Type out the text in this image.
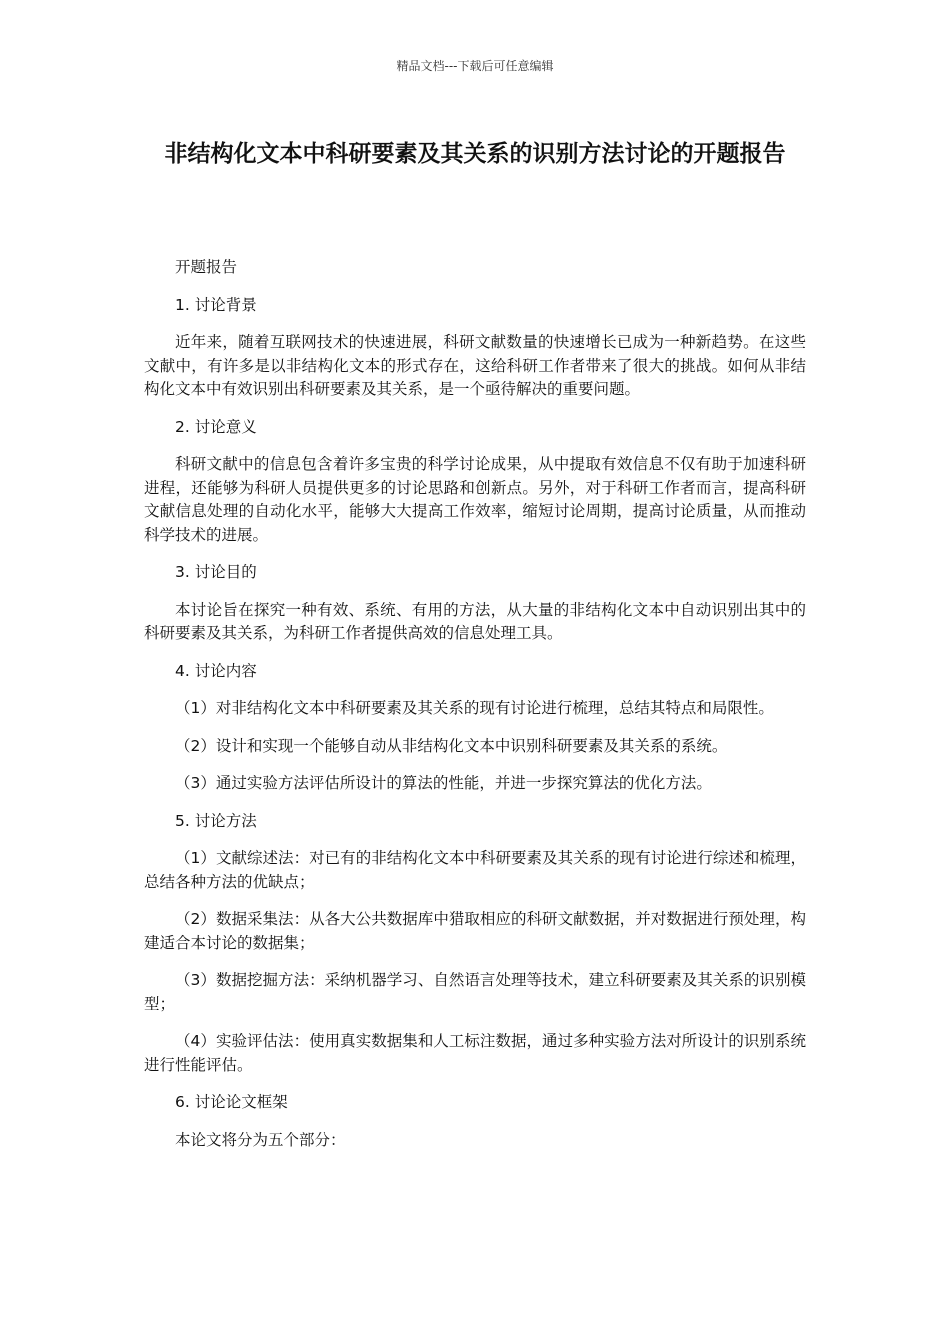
精品文档---下载后可任意编辑
非结构化文本中科研要素及其关系的识别方法讨论的开题报告

开题报告

1. 讨论背景

近年来，随着互联网技术的快速进展，科研文献数量的快速增长已成为一种新趋势。在这些文献中，有许多是以非结构化文本的形式存在，这给科研工作者带来了很大的挑战。如何从非结构化文本中有效识别出科研要素及其关系，是一个亟待解决的重要问题。

2. 讨论意义

科研文献中的信息包含着许多宝贵的科学讨论成果，从中提取有效信息不仅有助于加速科研进程，还能够为科研人员提供更多的讨论思路和创新点。另外，对于科研工作者而言，提高科研文献信息处理的自动化水平，能够大大提高工作效率，缩短讨论周期，提高讨论质量，从而推动科学技术的进展。

3. 讨论目的

本讨论旨在探究一种有效、系统、有用的方法，从大量的非结构化文本中自动识别出其中的科研要素及其关系，为科研工作者提供高效的信息处理工具。

4. 讨论内容

（1）对非结构化文本中科研要素及其关系的现有讨论进行梳理，总结其特点和局限性。

（2）设计和实现一个能够自动从非结构化文本中识别科研要素及其关系的系统。

（3）通过实验方法评估所设计的算法的性能，并进一步探究算法的优化方法。

5. 讨论方法

（1）文献综述法：对已有的非结构化文本中科研要素及其关系的现有讨论进行综述和梳理，总结各种方法的优缺点；

（2）数据采集法：从各大公共数据库中猎取相应的科研文献数据，并对数据进行预处理，构建适合本讨论的数据集；

（3）数据挖掘方法：采纳机器学习、自然语言处理等技术，建立科研要素及其关系的识别模型；

（4）实验评估法：使用真实数据集和人工标注数据，通过多种实验方法对所设计的识别系统进行性能评估。

6. 讨论论文框架

本论文将分为五个部分：
